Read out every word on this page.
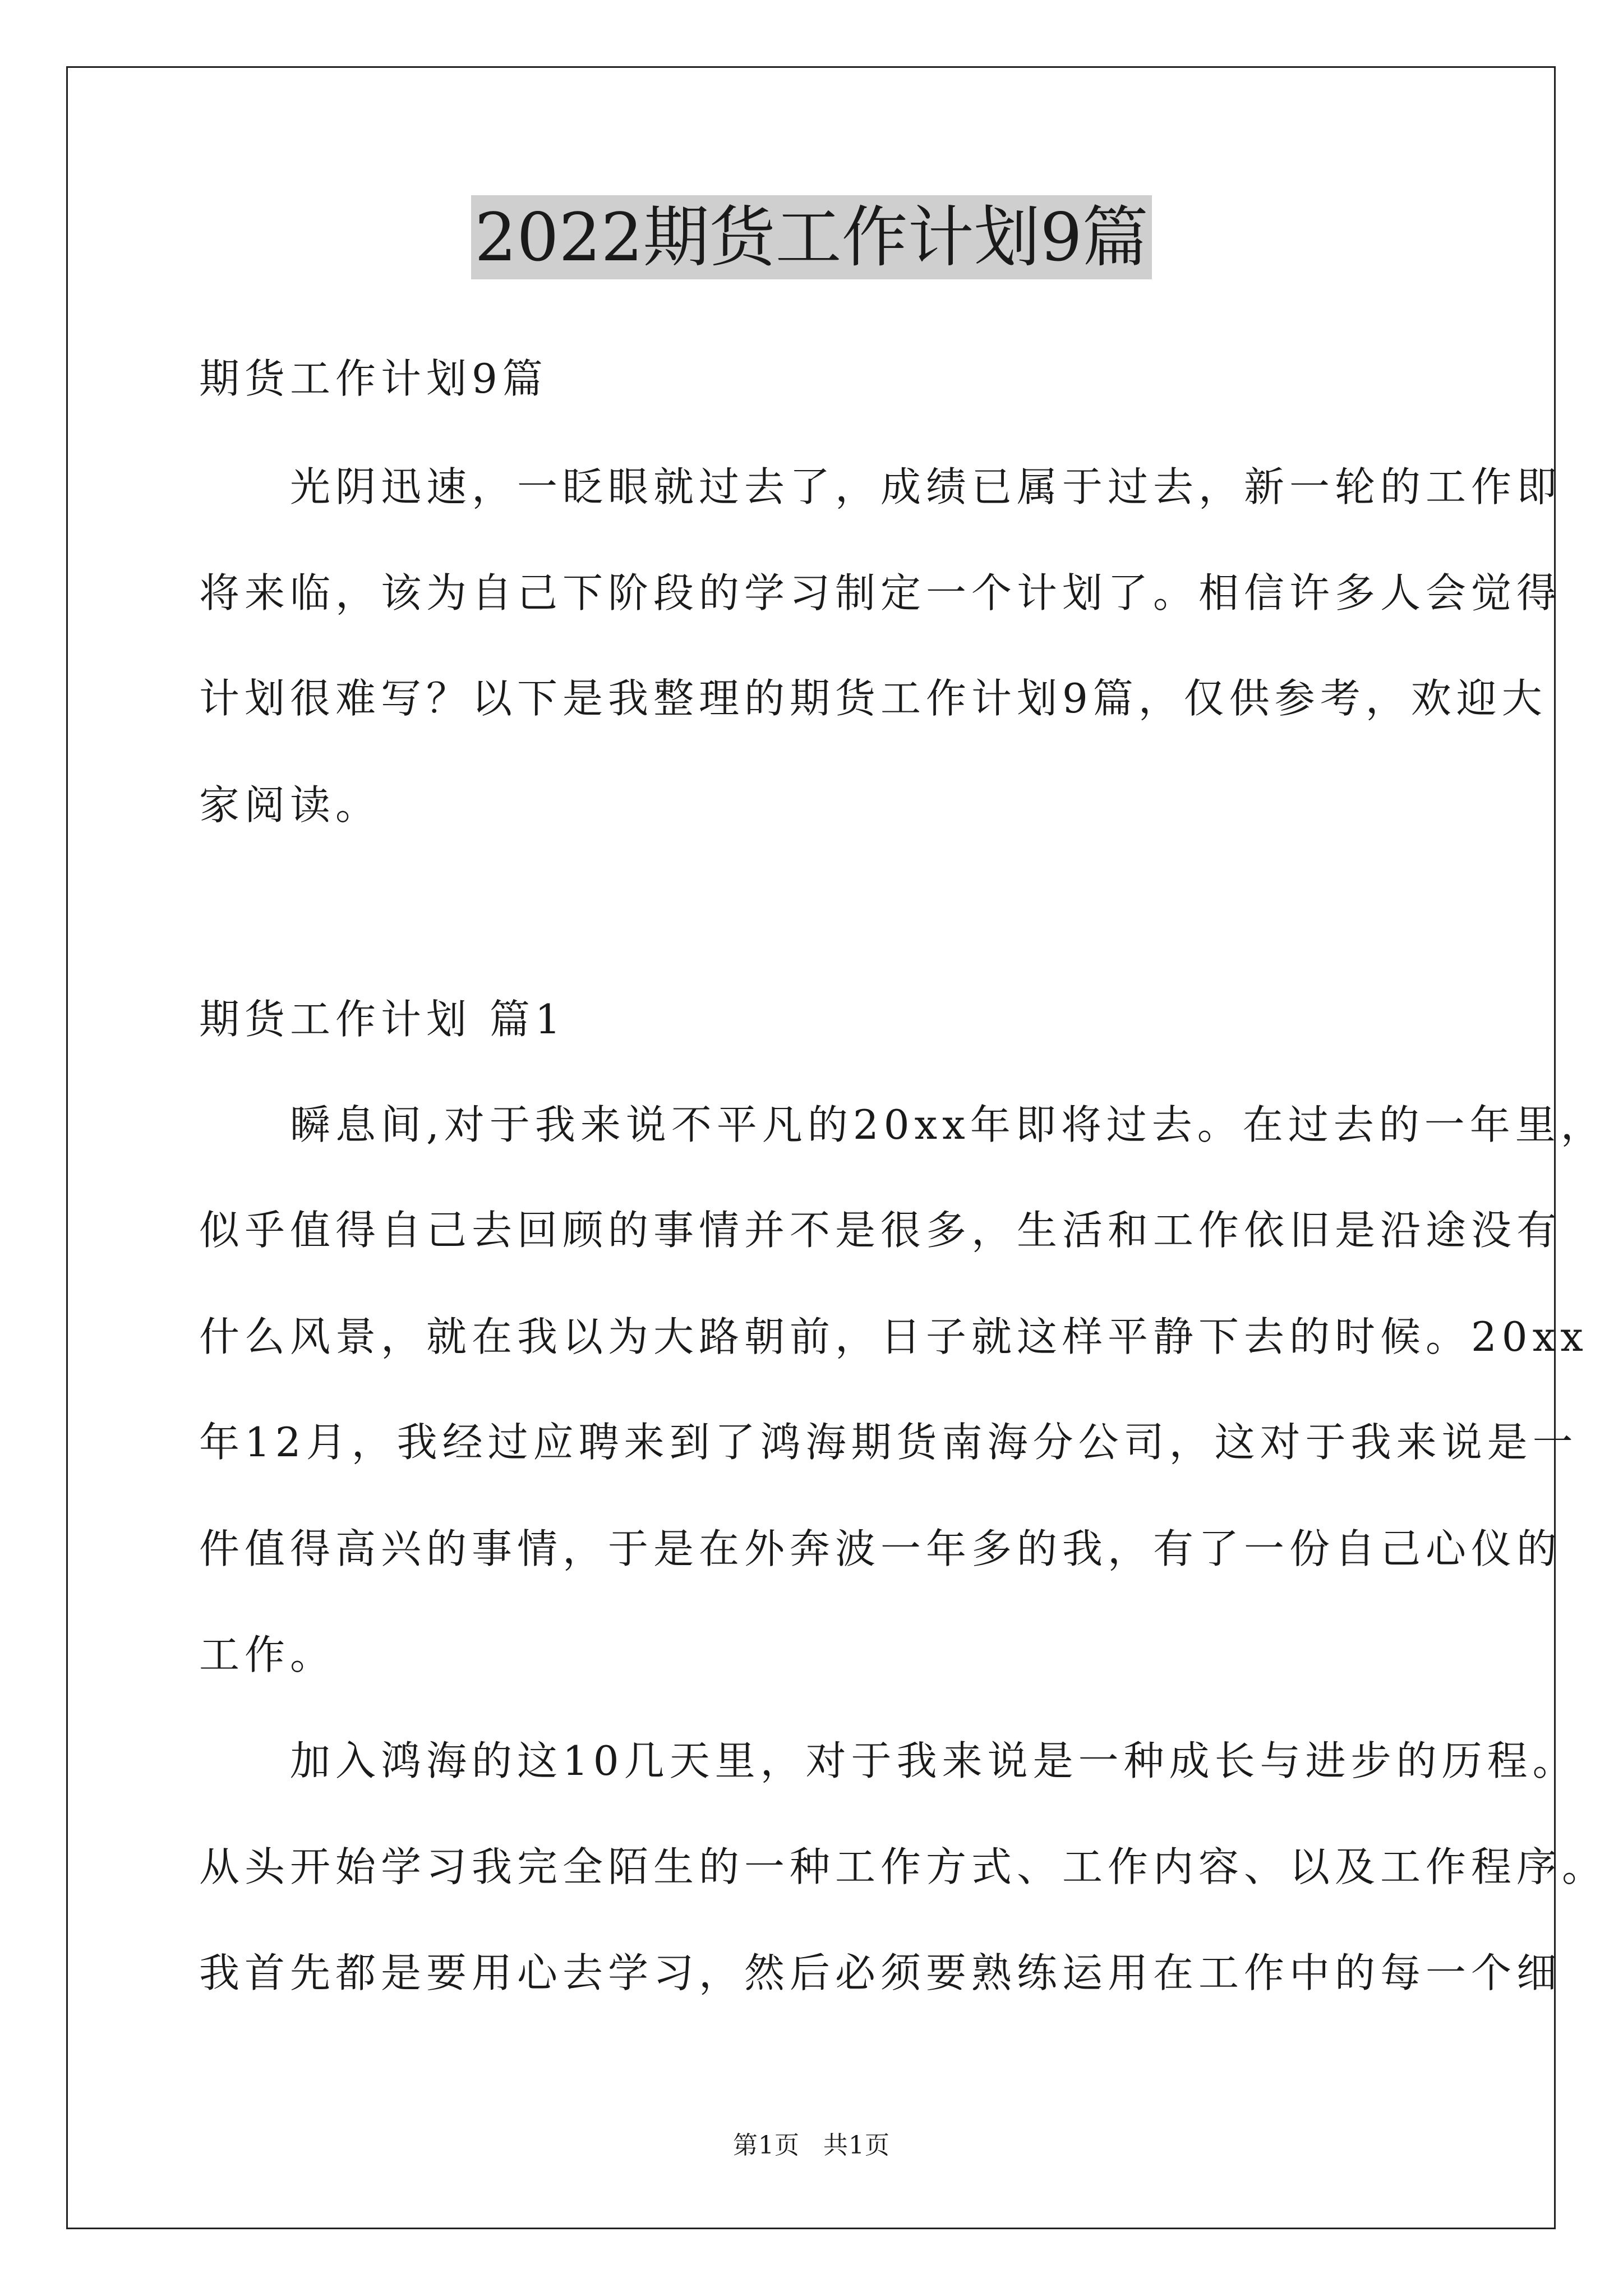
2022期货工作计划9篇
期货工作计划9篇
　　光阴迅速，一眨眼就过去了，成绩已属于过去，新一轮的工作即
将来临，该为自己下阶段的学习制定一个计划了。相信许多人会觉得
计划很难写？以下是我整理的期货工作计划9篇，仅供参考，欢迎大
家阅读。
期货工作计划 篇1
　　瞬息间,对于我来说不平凡的20xx年即将过去。在过去的一年里，
似乎值得自己去回顾的事情并不是很多，生活和工作依旧是沿途没有
什么风景，就在我以为大路朝前，日子就这样平静下去的时候。20xx
年12月，我经过应聘来到了鸿海期货南海分公司，这对于我来说是一
件值得高兴的事情，于是在外奔波一年多的我，有了一份自己心仪的
工作。
　　加入鸿海的这10几天里，对于我来说是一种成长与进步的历程。
从头开始学习我完全陌生的一种工作方式、工作内容、以及工作程序。
我首先都是要用心去学习，然后必须要熟练运用在工作中的每一个细
第1页 共1页
